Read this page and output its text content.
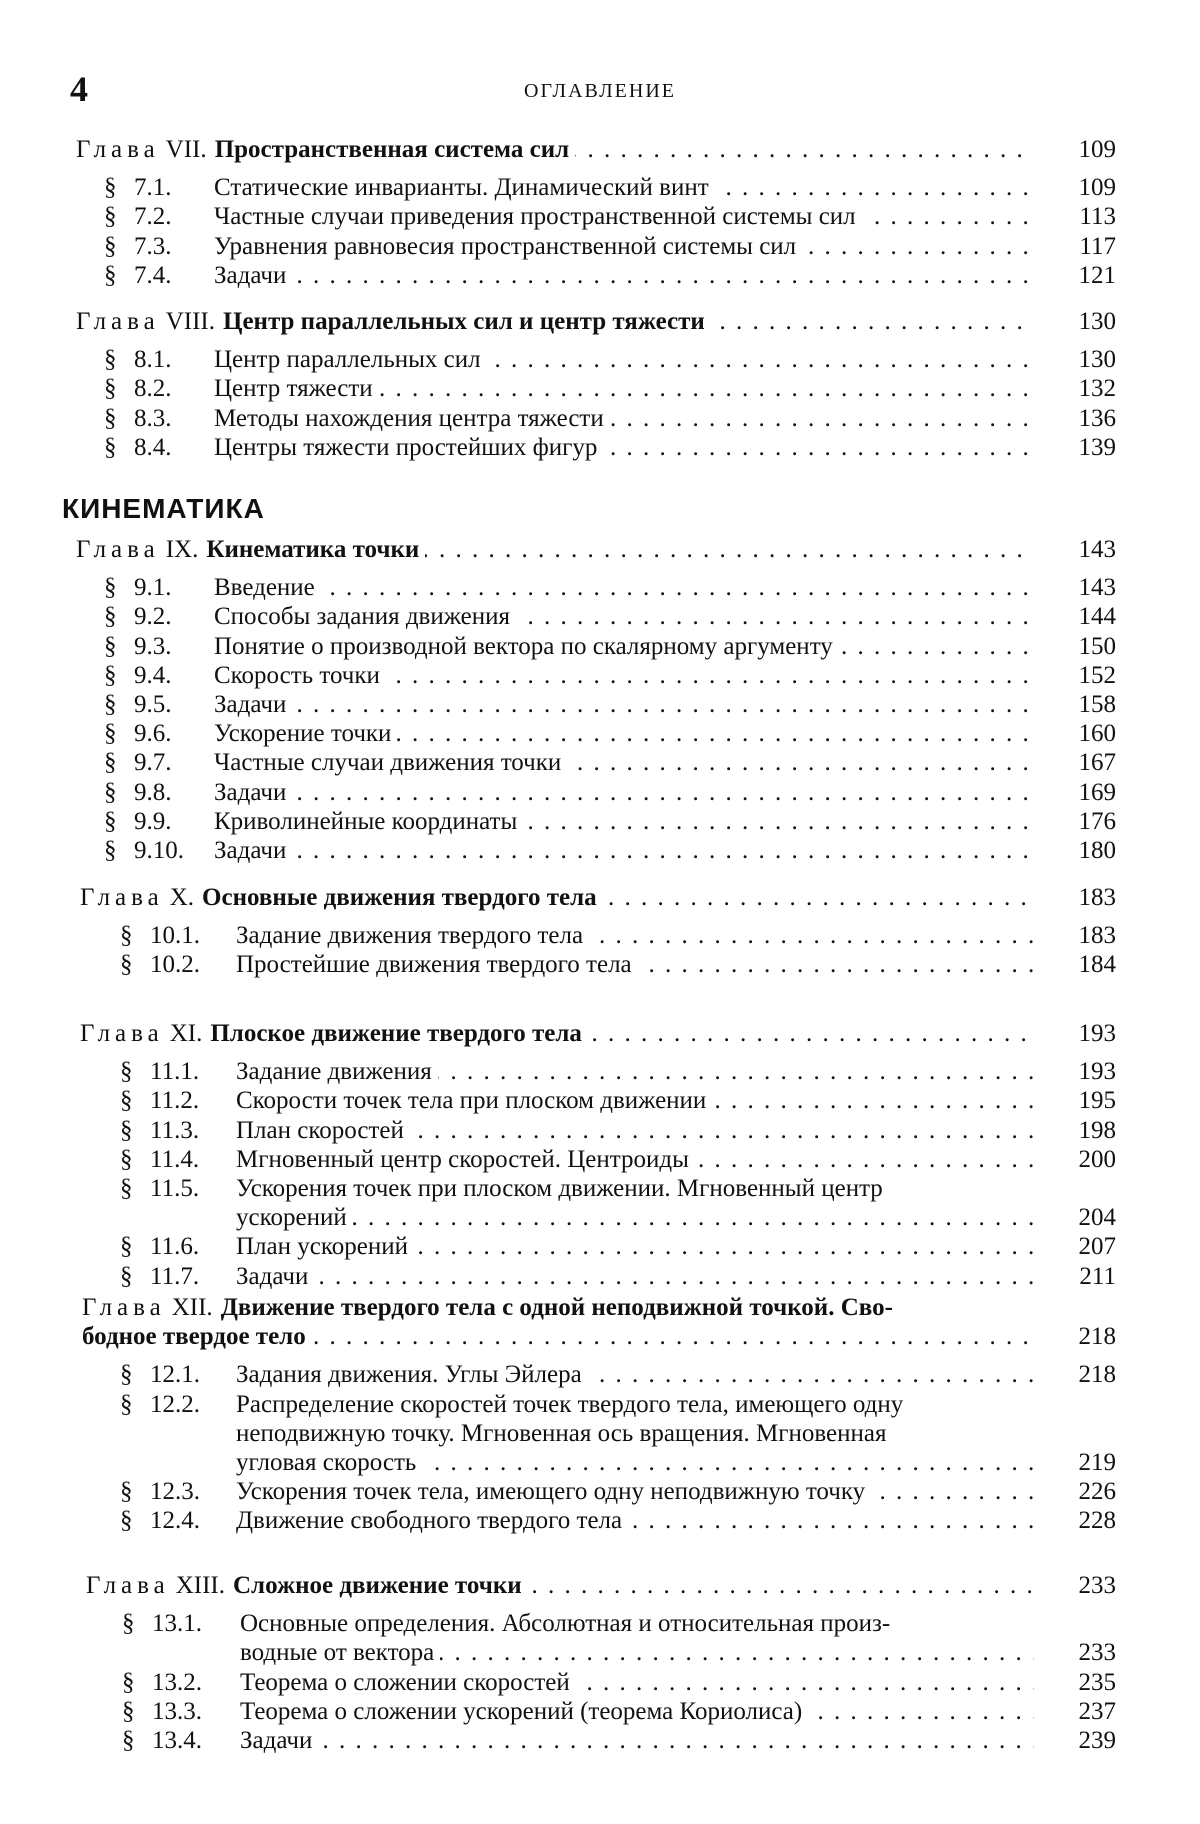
4	ОГЛАВЛЕНИЕ
КИНЕМАТИКА
Глава VII. Пространственная система сил . . .	109
§ 7.1. Статические инварианты. Динамический винт . . .	109
§ 7.2. Частные случаи приведения пространственной системы сил . . .	113
§ 7.3. Уравнения равновесия пространственной системы сил . . .	117
§ 7.4. Задачи . . .	121
Глава VIII. Центр параллельных сил и центр тяжести . . .	130
§ 8.1. Центр параллельных сил . . .	130
§ 8.2. Центр тяжести . . .	132
§ 8.3. Методы нахождения центра тяжести . . .	136
§ 8.4. Центры тяжести простейших фигур . . .	139
Глава IX. Кинематика точки . . .	143
§ 9.1. Введение . . .	143
§ 9.2. Способы задания движения . . .	144
§ 9.3. Понятие о производной вектора по скалярному аргументу . . .	150
§ 9.4. Скорость точки . . .	152
§ 9.5. Задачи . . .	158
§ 9.6. Ускорение точки . . .	160
§ 9.7. Частные случаи движения точки . . .	167
§ 9.8. Задачи . . .	169
§ 9.9. Криволинейные координаты . . .	176
§ 9.10. Задачи . . .	180
Глава X. Основные движения твердого тела . . .	183
§ 10.1. Задание движения твердого тела . . .	183
§ 10.2. Простейшие движения твердого тела . . .	184
Глава XI. Плоское движение твердого тела . . .	193
§ 11.1. Задание движения . . .	193
§ 11.2. Скорости точек тела при плоском движении . . .	195
§ 11.3. План скоростей . . .	198
§ 11.4. Мгновенный центр скоростей. Центроиды . . .	200
§ 11.5. Ускорения точек при плоском движении. Мгновенный центр
ускорений . . .	204
§ 11.6. План ускорений . . .	207
§ 11.7. Задачи . . .	211
Глава XII. Движение твердого тела с одной неподвижной точкой. Сво-
бодное твердое тело . . .	218
§ 12.1. Задания движения. Углы Эйлера . . .	218
§ 12.2. Распределение скоростей точек твердого тела, имеющего одну
неподвижную точку. Мгновенная ось вращения. Мгновенная
угловая скорость . . .	219
§ 12.3. Ускорения точек тела, имеющего одну неподвижную точку . . .	226
§ 12.4. Движение свободного твердого тела . . .	228
Глава XIII. Сложное движение точки . . .	233
§ 13.1. Основные определения. Абсолютная и относительная произ-
водные от вектора . . .	233
§ 13.2. Теорема о сложении скоростей . . .	235
§ 13.3. Теорема о сложении ускорений (теорема Кориолиса) . . .	237
§ 13.4. Задачи . . .	239
